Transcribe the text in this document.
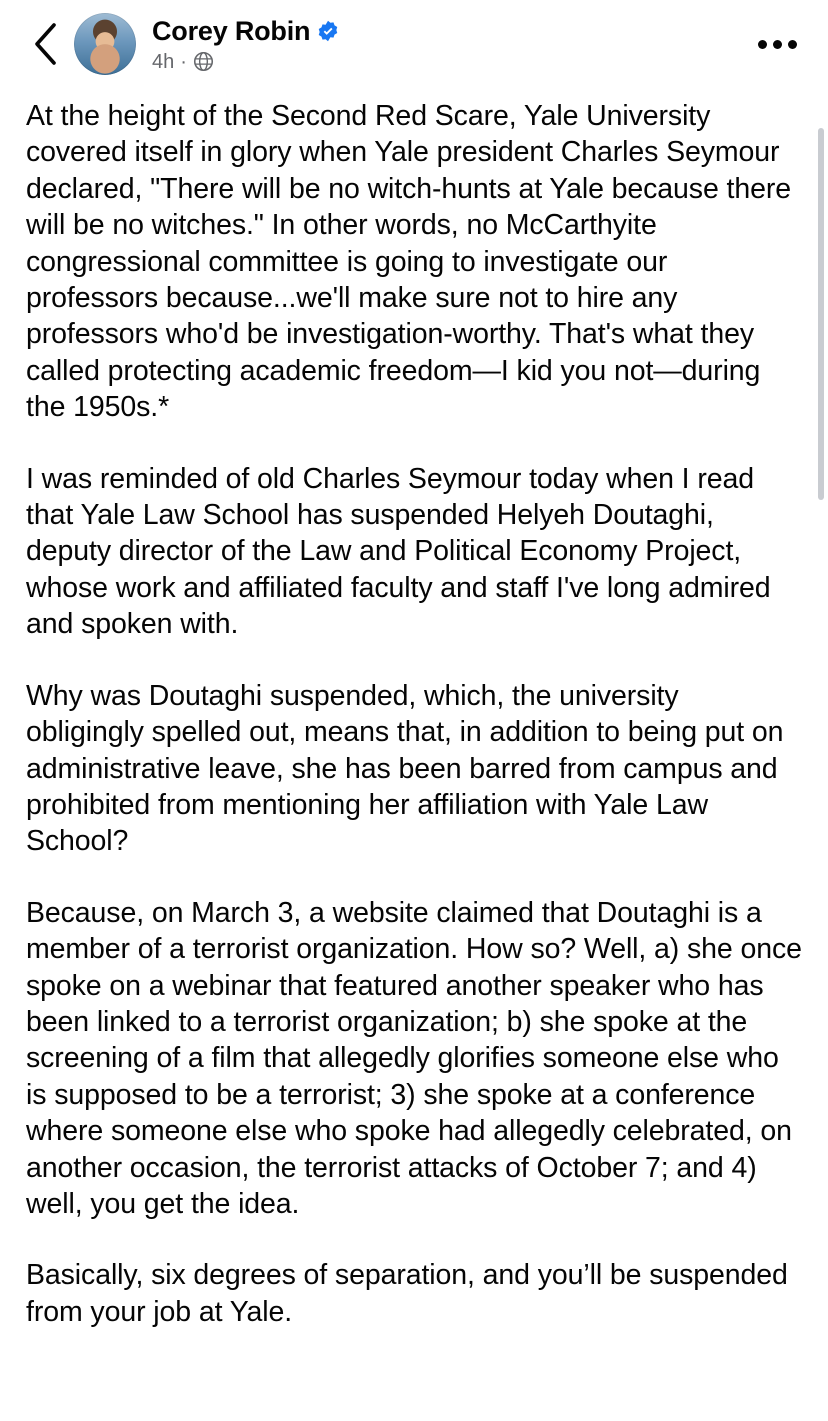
Corey Robin
4h ·

At the height of the Second Red Scare, Yale University covered itself in glory when Yale president Charles Seymour declared, "There will be no witch-hunts at Yale because there will be no witches." In other words, no McCarthyite congressional committee is going to investigate our professors because...we'll make sure not to hire any professors who'd be investigation-worthy. That's what they called protecting academic freedom—I kid you not—during the 1950s.*

I was reminded of old Charles Seymour today when I read that Yale Law School has suspended Helyeh Doutaghi, deputy director of the Law and Political Economy Project, whose work and affiliated faculty and staff I've long admired and spoken with.

Why was Doutaghi suspended, which, the university obligingly spelled out, means that, in addition to being put on administrative leave, she has been barred from campus and prohibited from mentioning her affiliation with Yale Law School?

Because, on March 3, a website claimed that Doutaghi is a member of a terrorist organization. How so? Well, a) she once spoke on a webinar that featured another speaker who has been linked to a terrorist organization; b) she spoke at the screening of a film that allegedly glorifies someone else who is supposed to be a terrorist; 3) she spoke at a conference where someone else who spoke had allegedly celebrated, on another occasion, the terrorist attacks of October 7; and 4) well, you get the idea.

Basically, six degrees of separation, and you’ll be suspended from your job at Yale.
